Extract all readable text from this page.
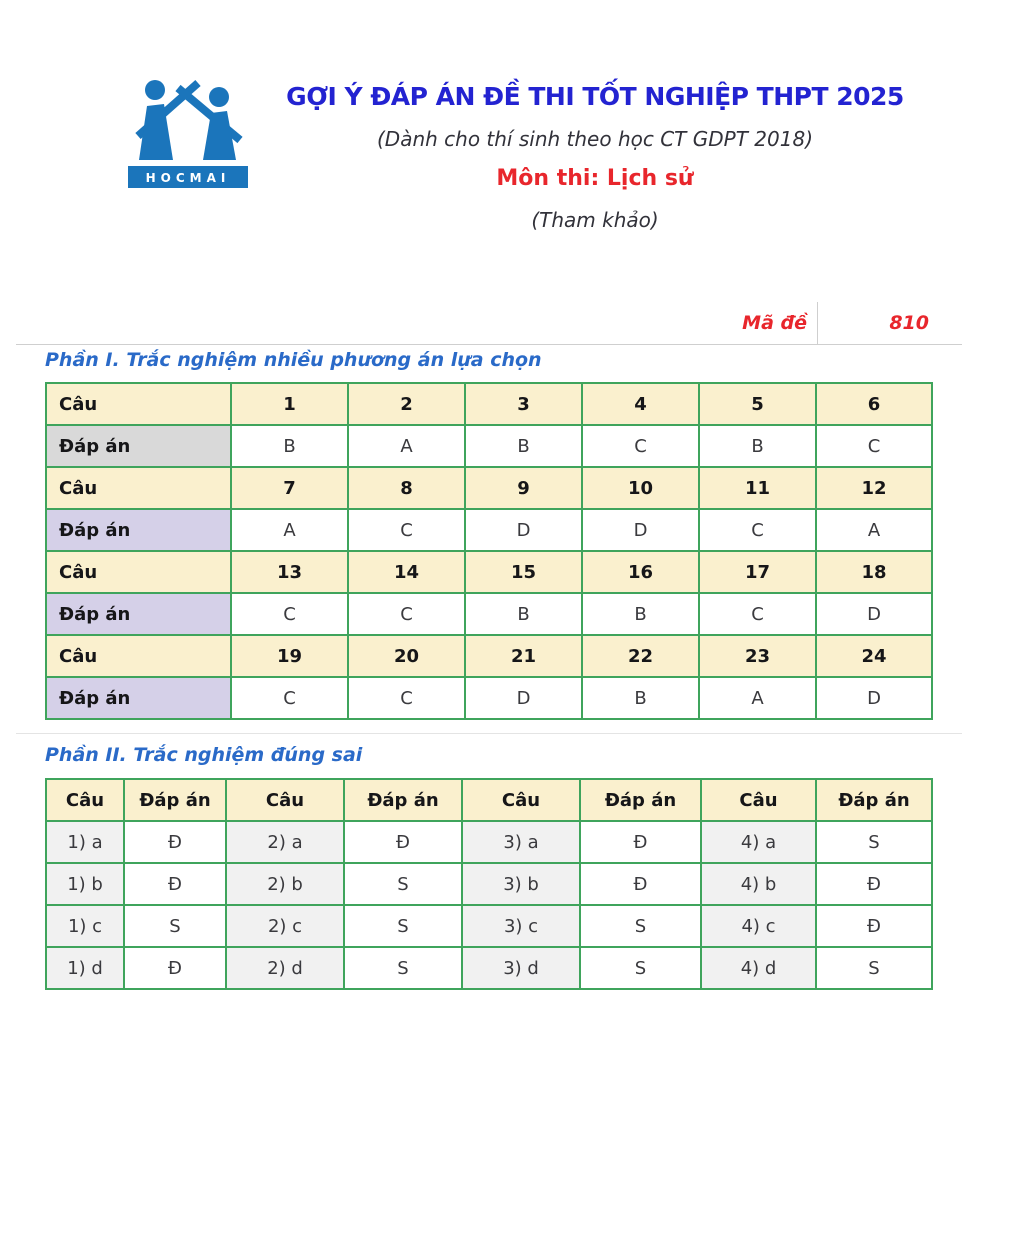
HOCMAI
GỢI Ý ĐÁP ÁN ĐỀ THI TỐT NGHIỆP THPT 2025
(Dành cho thí sinh theo học CT GDPT 2018)
Môn thi: Lịch sử
(Tham khảo)
Mã đề	810
Phần I. Trắc nghiệm nhiều phương án lựa chọn
Câu	1	2	3	4	5	6
Đáp án	B	A	B	C	B	C
Câu	7	8	9	10	11	12
Đáp án	A	C	D	D	C	A
Câu	13	14	15	16	17	18
Đáp án	C	C	B	B	C	D
Câu	19	20	21	22	23	24
Đáp án	C	C	D	B	A	D
Phần II. Trắc nghiệm đúng sai
Câu	Đáp án	Câu	Đáp án	Câu	Đáp án	Câu	Đáp án
1) a	Đ	2) a	Đ	3) a	Đ	4) a	S
1) b	Đ	2) b	S	3) b	Đ	4) b	Đ
1) c	S	2) c	S	3) c	S	4) c	Đ
1) d	Đ	2) d	S	3) d	S	4) d	S
